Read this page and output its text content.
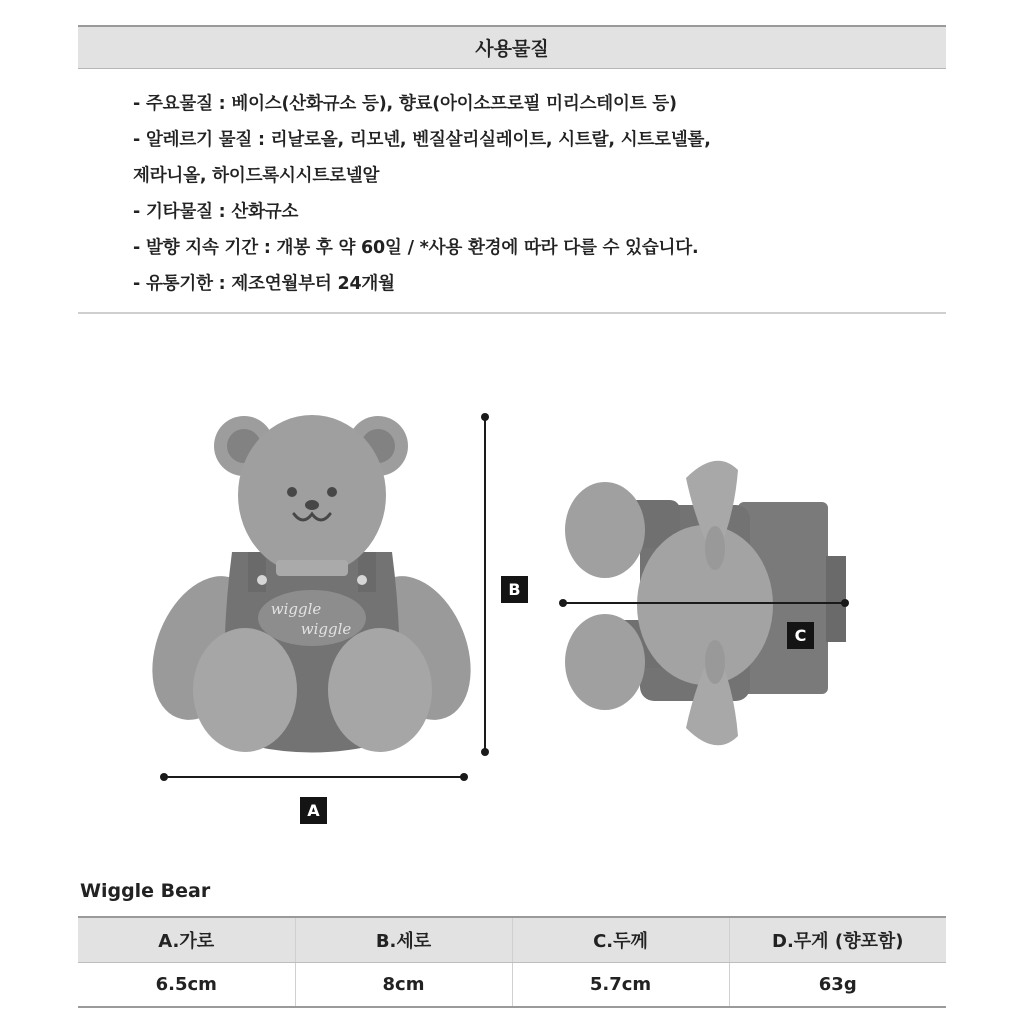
사용물질
- 주요물질 : 베이스(산화규소 등), 향료(아이소프로필 미리스테이트 등)
- 알레르기 물질 : 리날로올, 리모넨, 벤질살리실레이트, 시트랄, 시트로넬롤,
제라니올, 하이드록시시트로넬알
- 기타물질 : 산화규소
- 발향 지속 기간 : 개봉 후 약 60일 / *사용 환경에 따라 다를 수 있습니다.
- 유통기한 : 제조연월부터 24개월
wiggle
wiggle
A
B
C
Wiggle Bear
A.가로	B.세로	C.두께	D.무게 (향포함)
6.5cm	8cm	5.7cm	63g
